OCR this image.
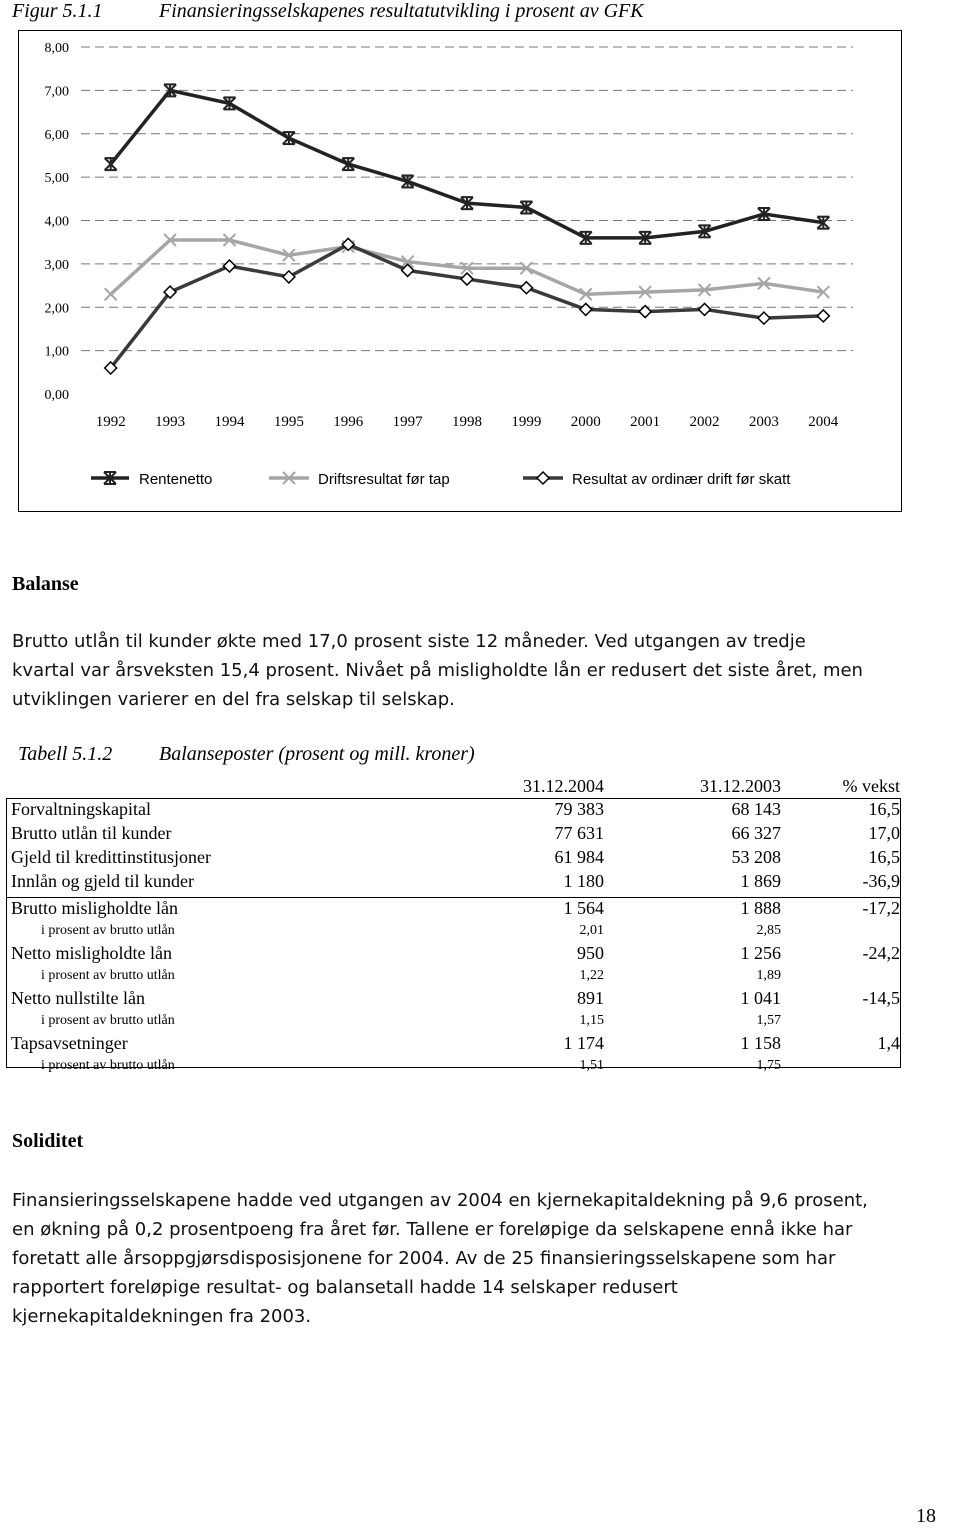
Figur 5.1.1	Finansieringsselskapenes resultatutvikling i prosent av GFK
0,00
1,00
2,00
3,00
4,00
5,00
6,00
7,00
8,00
1992 1993 1994 1995 1996 1997 1998 1999 2000 2001 2002 2003 2004
Rentenetto	Driftsresultat før tap	Resultat av ordinær drift før skatt
Balanse
Brutto utlån til kunder økte med 17,0 prosent siste 12 måneder. Ved utgangen av tredje
kvartal var årsveksten 15,4 prosent. Nivået på misligholdte lån er redusert det siste året, men
utviklingen varierer en del fra selskap til selskap.
Tabell 5.1.2 Balanseposter (prosent og mill. kroner)
31.12.2004	31.12.2003	% vekst
Forvaltningskapital	79 383	68 143	16,5
Brutto utlån til kunder	77 631	66 327	17,0
Gjeld til kredittinstitusjoner	61 984	53 208	16,5
Innlån og gjeld til kunder	1 180	1 869	-36,9
Brutto misligholdte lån	1 564	1 888	-17,2
i prosent av brutto utlån	2,01	2,85
Netto misligholdte lån	950	1 256	-24,2
i prosent av brutto utlån	1,22	1,89
Netto nullstilte lån	891	1 041	-14,5
i prosent av brutto utlån	1,15	1,57
Tapsavsetninger	1 174	1 158	1,4
i prosent av brutto utlån	1,51	1,75
Soliditet
Finansieringsselskapene hadde ved utgangen av 2004 en kjernekapitaldekning på 9,6 prosent,
en økning på 0,2 prosentpoeng fra året før. Tallene er foreløpige da selskapene ennå ikke har
foretatt alle årsoppgjørsdisposisjonene for 2004. Av de 25 finansieringsselskapene som har
rapportert foreløpige resultat- og balansetall hadde 14 selskaper redusert
kjernekapitaldekningen fra 2003.
18
